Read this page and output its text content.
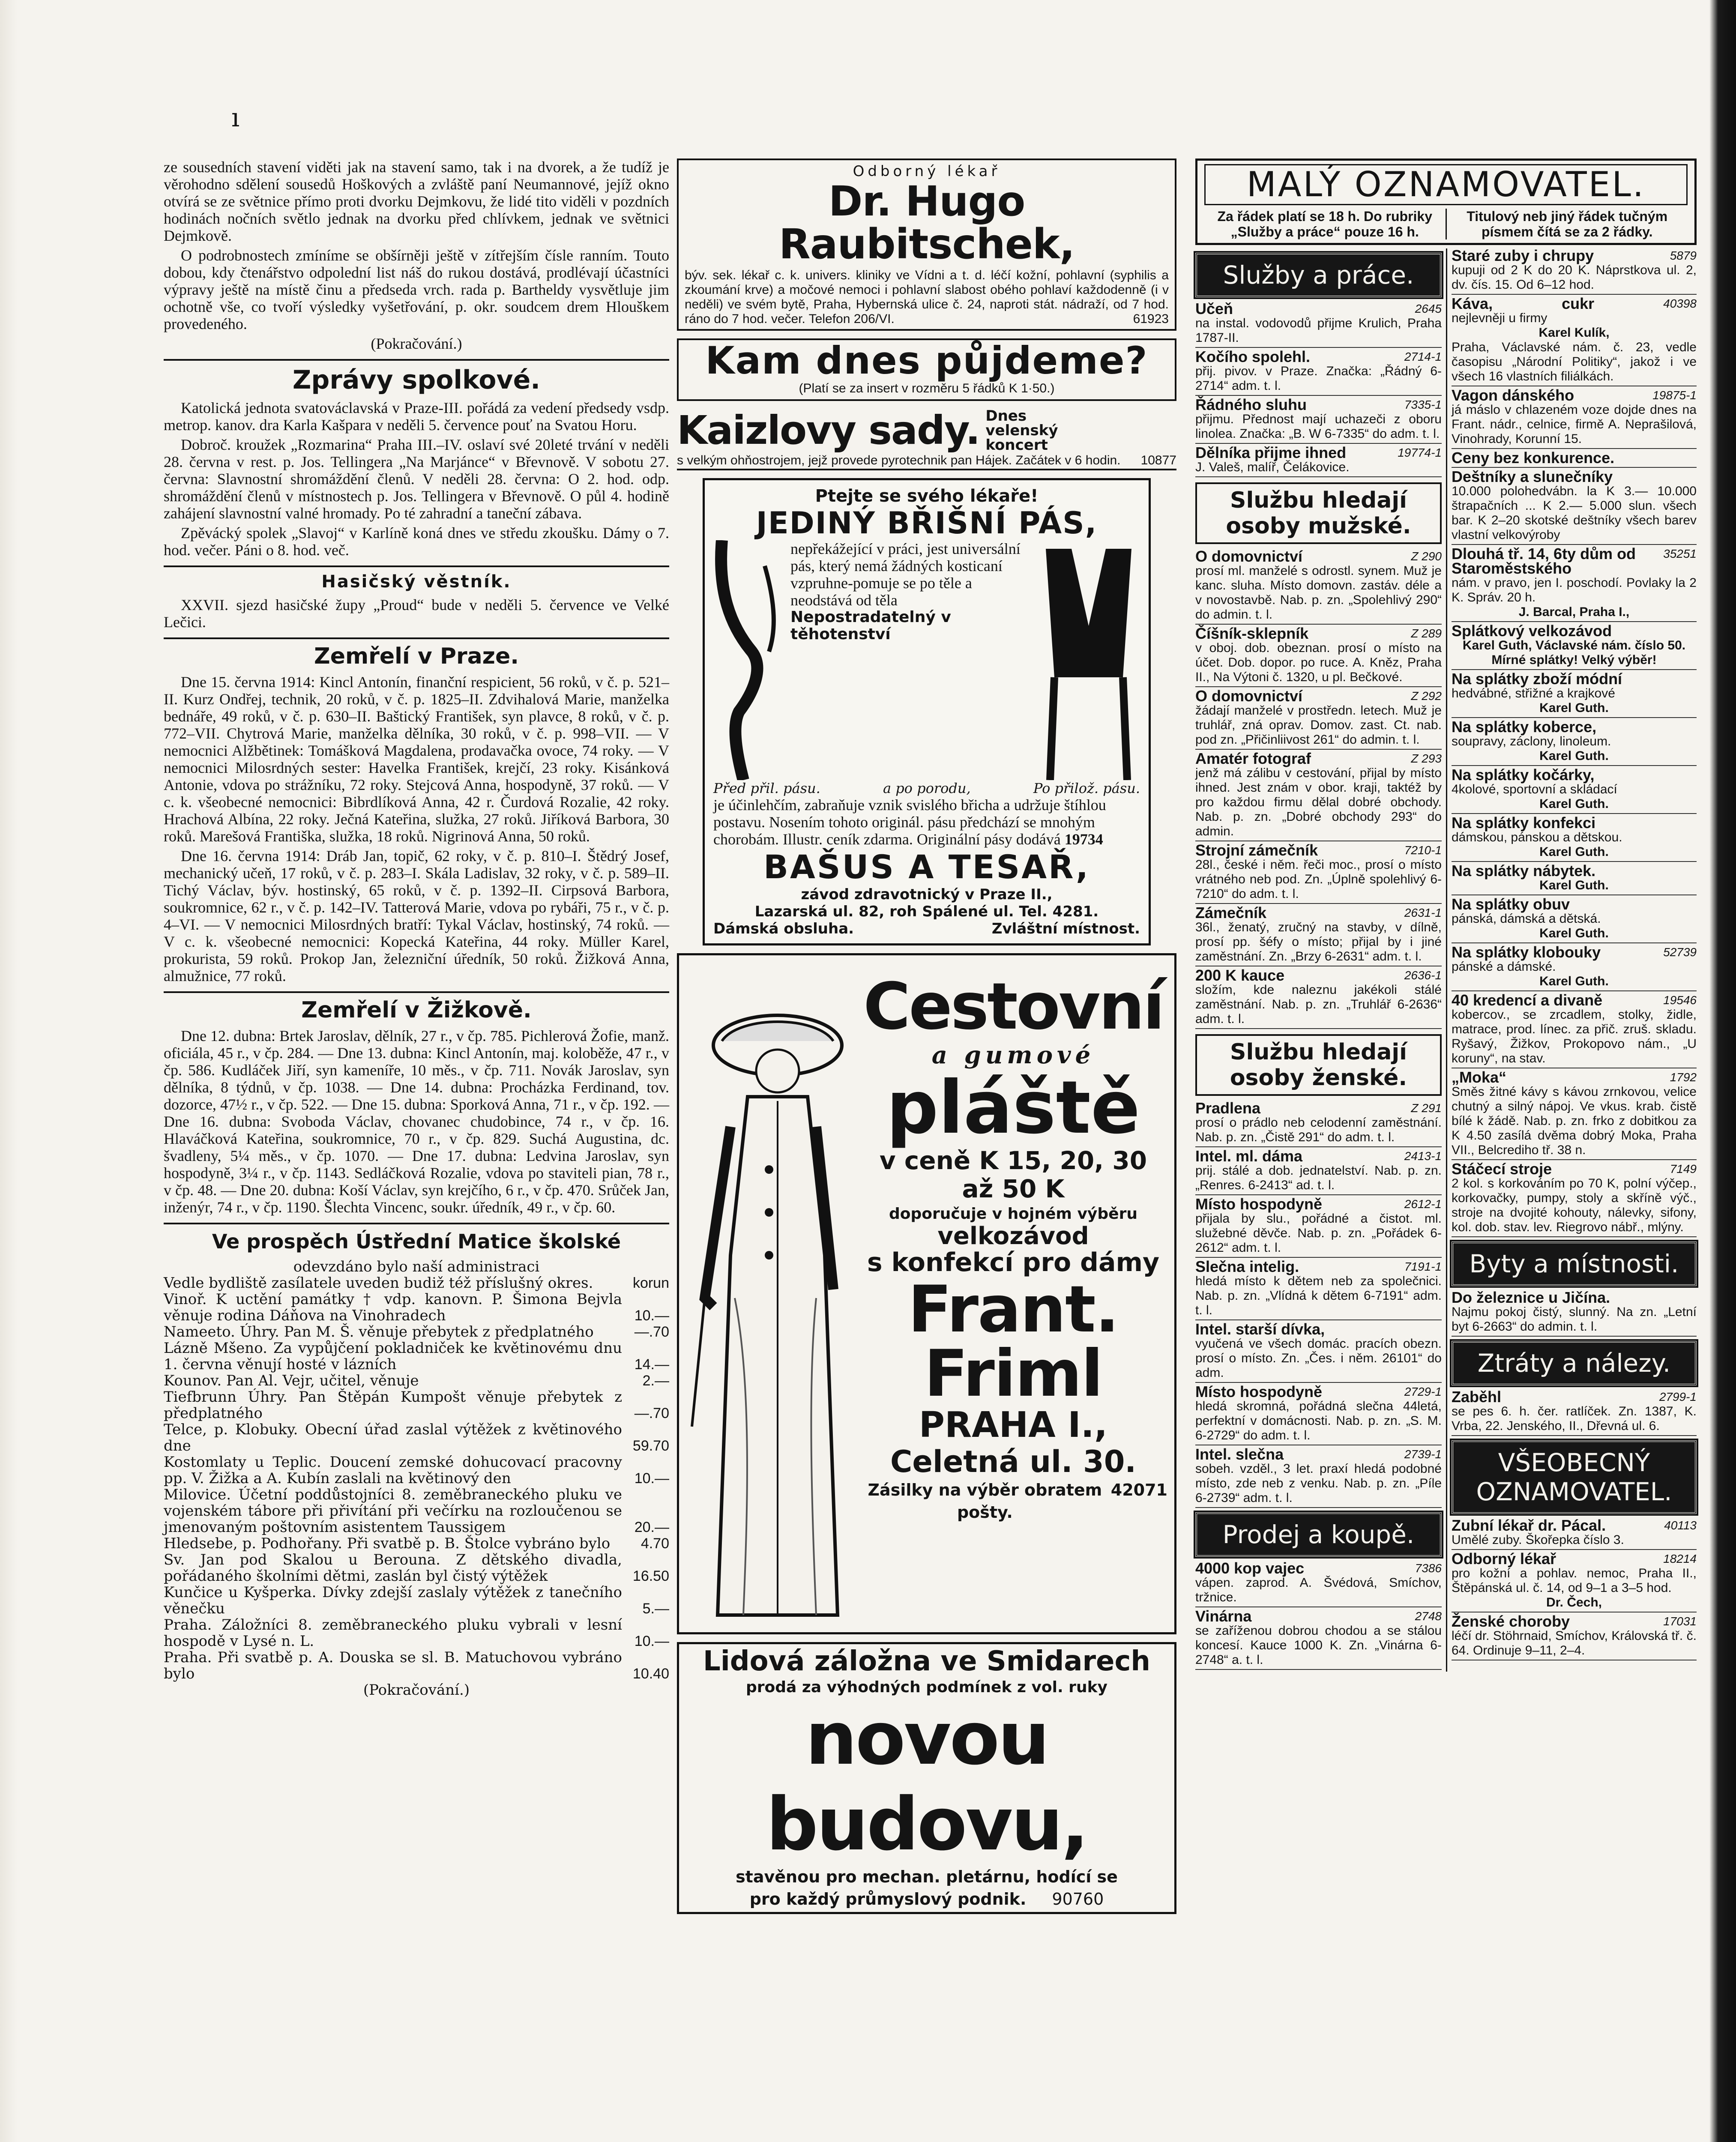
ı

ze sousedních stavení viděti jak na stavení samo, tak i na dvorek, a že tudíž je věrohodno sdělení sousedů Hoškových a zvláště paní Neumannové, jejíž okno otvírá se ze světnice přímo proti dvorku Dejmkovu, že lidé tito viděli v pozdních hodinách nočních světlo jednak na dvorku před chlívkem, jednak ve světnici Dejmkově.

O podrobnostech zmíníme se obšírněji ještě v zítřejším čísle ranním. Touto dobou, kdy čtenářstvo odpolední list náš do rukou dostává, prodlévají účastníci výpravy ještě na místě činu a předseda vrch. rada p. Bartheldy vysvětluje jim ochotně vše, co tvoří výsledky vyšetřování, p. okr. soudcem drem Hlouškem provedeného.

(Pokračování.)

Zprávy spolkové.

Katolická jednota svatováclavská v Praze-III. pořádá za vedení předsedy vsdp. metrop. kanov. dra Karla Kašpara v neděli 5. července pouť na Svatou Horu.

Dobroč. kroužek „Rozmarina“ Praha III.–IV. oslaví své 20leté trvání v neděli 28. června v rest. p. Jos. Tellingera „Na Marjánce“ v Břevnově. V sobotu 27. června: Slavnostní shromáždění členů. V neděli 28. června: O 2. hod. odp. shromáždění členů v místnostech p. Jos. Tellingera v Břevnově. O půl 4. hodině zahájení slavnostní valné hromady. Po té zahradní a taneční zábava.

Zpěvácký spolek „Slavoj“ v Karlíně koná dnes ve středu zkoušku. Dámy o 7. hod. večer. Páni o 8. hod. več.

Hasičský věstník.

XXVII. sjezd hasičské župy „Proud“ bude v neděli 5. července ve Velké Lečici.

Zemřelí v Praze.

Dne 15. června 1914: Kincl Antonín, finanční respicient, 56 roků, v č. p. 521–II. Kurz Ondřej, technik, 20 roků, v č. p. 1825–II. Zdvihalová Marie, manželka bednáře, 49 roků, v č. p. 630–II. Baštický František, syn plavce, 8 roků, v č. p. 772–VII. Chytrová Marie, manželka dělníka, 30 roků, v č. p. 998–VII. — V nemocnici Alžbětinek: Tomášková Magdalena, prodavačka ovoce, 74 roky. — V nemocnici Milosrdných sester: Havelka František, krejčí, 23 roky. Kisánková Antonie, vdova po strážníku, 72 roky. Stejcová Anna, hospodyně, 37 roků. — V c. k. všeobecné nemocnici: Bibrdlíková Anna, 42 r. Čurdová Rozalie, 42 roky. Hrachová Albína, 22 roky. Ječná Kateřina, služka, 27 roků. Jiříková Barbora, 30 roků. Marešová Františka, služka, 18 roků. Nigrinová Anna, 50 roků.

Dne 16. června 1914: Dráb Jan, topič, 62 roky, v č. p. 810–I. Štědrý Josef, mechanický učeň, 17 roků, v č. p. 283–I. Skála Ladislav, 32 roky, v č. p. 589–II. Tichý Václav, býv. hostinský, 65 roků, v č. p. 1392–II. Cirpsová Barbora, soukromnice, 62 r., v č. p. 142–IV. Tatterová Marie, vdova po rybáři, 75 r., v č. p. 4–VI. — V nemocnici Milosrdných bratří: Tykal Václav, hostinský, 74 roků. — V c. k. všeobecné nemocnici: Kopecká Kateřina, 44 roky. Müller Karel, prokurista, 59 roků. Prokop Jan, železniční úředník, 50 roků. Žižková Anna, almužnice, 77 roků.

Zemřelí v Žižkově.

Dne 12. dubna: Brtek Jaroslav, dělník, 27 r., v čp. 785. Pichlerová Žofie, manž. oficiála, 45 r., v čp. 284. — Dne 13. dubna: Kincl Antonín, maj. koloběže, 47 r., v čp. 586. Kudláček Jiří, syn kameníře, 10 měs., v čp. 711. Novák Jaroslav, syn dělníka, 8 týdnů, v čp. 1038. — Dne 14. dubna: Procházka Ferdinand, tov. dozorce, 47½ r., v čp. 522. — Dne 15. dubna: Sporková Anna, 71 r., v čp. 192. — Dne 16. dubna: Svoboda Václav, chovanec chudobince, 74 r., v čp. 16. Hlaváčková Kateřina, soukromnice, 70 r., v čp. 829. Suchá Augustina, dc. švadleny, 5¼ měs., v čp. 1070. — Dne 17. dubna: Ledvina Jaroslav, syn hospodyně, 3¼ r., v čp. 1143. Sedláčková Rozalie, vdova po staviteli pian, 78 r., v čp. 48. — Dne 20. dubna: Koší Václav, syn krejčího, 6 r., v čp. 470. Srůček Jan, inženýr, 74 r., v čp. 1190. Šlechta Vincenc, soukr. úředník, 49 r., v čp. 60.

Ve prospěch Ústřední Matice školské
odevzdáno bylo naší administraci
Vedle bydliště zasílatele uveden budiž též příslušný okres.	korun
Vinoř. K uctění památky † vdp. kanovn. P. Šimona Bejvla věnuje rodina Dáňova na Vinohradech	10.—
Nameeto. Úhry. Pan M. Š. věnuje přebytek z předplatného	—.70
Lázně Mšeno. Za vypůjčení pokladniček ke květinovému dnu 1. června věnují hosté v lázních	14.—
Kounov. Pan Al. Vejr, učitel, věnuje	2.—
Tiefbrunn Úhry. Pan Štěpán Kumpošt věnuje přebytek z předplatného	—.70
Telce, p. Klobuky. Obecní úřad zaslal výtěžek z květinového dne	59.70
Kostomlaty u Teplic. Doucení zemské dohucovací pracovny pp. V. Žižka a A. Kubín zaslali na květinový den	10.—
Milovice. Účetní poddůstojníci 8. zeměbraneckého pluku ve vojenském tábore při přivítání při večírku na rozloučenou se jmenovaným poštovním asistentem Taussigem	20.—
Hledsebe, p. Podhořany. Při svatbě p. B. Štolce vybráno bylo	4.70
Sv. Jan pod Skalou u Berouna. Z dětského divadla, pořádaného školními dětmi, zaslán byl čistý výtěžek	16.50
Kunčice u Kyšperka. Dívky zdejší zaslaly výtěžek z tanečního věnečku	5.—
Praha. Záložníci 8. zeměbraneckého pluku vybrali v lesní hospodě v Lysé n. L.	10.—
Praha. Při svatbě p. A. Douska se sl. B. Matuchovou vybráno bylo	10.40
(Pokračování.)
Odborný lékař
Dr. Hugo Raubitschek,
býv. sek. lékař c. k. univers. kliniky ve Vídni a t. d. léčí kožní, pohlavní (syphilis a zkoumání krve) a močové nemoci i pohlavní slabost obého pohlaví každodenně (i v neděli) ve svém bytě, Praha, Hybernská ulice č. 24, naproti stát. nádraží, od 7 hod. ráno do 7 hod. večer. Telefon 206/VI.	61923
Kam dnes půjdeme?
(Platí se za insert v rozměru 5 řádků K 1·50.)
Kaizlovy sady. Dnes velenský koncert
s velkým ohňostrojem, jejž provede pyrotechnik pan Hájek. Začátek v 6 hodin. 10877
Ptejte se svého lékaře!
JEDINÝ BŘIŠNÍ PÁS,
nepřekážející v práci, jest universální pás, který nemá žádných kosticaní vzpruhne-pomuje se po těle a neodstává od těla
Nepostradatelný v těhotenství
Před přil. pásu.	a po porodu,	Po přilož. pásu.
je účinlehčím, zabraňuje vznik svislého břicha a udržuje štíhlou postavu. Nosením tohoto originál. pásu předchází se mnohým chorobám. Illustr. ceník zdarma. Originální pásy dodává 19734
BAŠUS A TESAŘ,
závod zdravotnický v Praze II.,
Lazarská ul. 82, roh Spálené ul. Tel. 4281.
Dámská obsluha.	Zvláštní místnost.
Cestovní
a gumové
pláště
v ceně K 15, 20, 30
až 50 K
doporučuje v hojném výběru
velkozávod
s konfekcí pro dámy
Frant.
Friml
PRAHA I.,
Celetná ul. 30.
Zásilky na výběr obratem pošty.
42071
Lidová záložna ve Smidarech
prodá za výhodných podmínek z vol. ruky
novou budovu,
stavěnou pro mechan. pletárnu, hodící se
pro každý průmyslový podnik. 90760
MALÝ OZNAMOVATEL.
Za řádek platí se 18 h. Do rubriky „Služby a práce“ pouze 16 h.
Titulový neb jiný řádek tučným písmem čítá se za 2 řádky.
Služby a práce.
Učeň	2645
na instal. vodovodů přijme Krulich, Praha 1787-II.
Kočího spolehl.	2714-1
přij. pivov. v Praze. Značka: „Řádný 6-2714“ adm. t. l.
Řádného sluhu	7335-1
přijmu. Přednost mají uchazeči z oboru linolea. Značka: „B. W 6-7335“ do adm. t. l.
Dělníka přijme ihned	19774-1
J. Valeš, malíř, Čelákovice.
Službu hledají osoby mužské.
O domovnictví	Z 290
prosí ml. manželé s odrostl. synem. Muž je kanc. sluha. Místo domovn. zastáv. déle a v novostavbě. Nab. p. zn. „Spolehlivý 290“ do admin. t. l.
Číšník-sklepník	Z 289
v oboj. dob. obeznan. prosí o místo na účet. Dob. dopor. po ruce. A. Kněz, Praha II., Na Výtoni č. 1320, u pl. Bečkové.
O domovnictví	Z 292
žádají manželé v prostředn. letech. Muž je truhlář, zná oprav. Domov. zast. Ct. nab. pod zn. „Přičinliivost 261“ do admin. t. l.
Amatér fotograf	Z 293
jenž má zálibu v cestování, přijal by místo ihned. Jest znám v obor. kraji, taktéž by pro každou firmu dělal dobré obchody. Nab. p. zn. „Dobré obchody 293“ do admin.
Strojní zámečník	7210-1
28l., české i něm. řeči moc., prosí o místo vrátného neb pod. Zn. „Úplně spolehlivý 6-7210“ do adm. t. l.
Zámečník	2631-1
36l., ženatý, zručný na stavby, v dílně, prosí pp. šéfy o místo; přijal by i jiné zaměstnání. Zn. „Brzy 6-2631“ adm. t. l.
200 K kauce	2636-1
složím, kde naleznu jakékoli stálé zaměstnání. Nab. p. zn. „Truhlář 6-2636“ adm. t. l.
Službu hledají osoby ženské.
Pradlena	Z 291
prosí o prádlo neb celodenní zaměstnání. Nab. p. zn. „Čistě 291“ do adm. t. l.
Intel. ml. dáma	2413-1
prij. stálé a dob. jednatelství. Nab. p. zn. „Renres. 6-2413“ ad. t. l.
Místo hospodyně	2612-1
přijala by slu., pořádné a čistot. ml. služebné děvče. Nab. p. zn. „Pořádek 6-2612“ adm. t. l.
Slečna intelig.	7191-1
hledá místo k dětem neb za společnici. Nab. p. zn. „Vlídná k dětem 6-7191“ adm. t. l.
Intel. starší dívka,
vyučená ve všech domác. pracích obezn. prosí o místo. Zn. „Čes. i něm. 26101“ do adm.
Místo hospodyně	2729-1
hledá skromná, pořádná slečna 44letá, perfektní v domácnosti. Nab. p. zn. „S. M. 6-2729“ do adm. t. l.
Intel. slečna	2739-1
sobeh. vzděl., 3 let. praxí hledá podobné místo, zde neb z venku. Nab. p. zn. „Píle 6-2739“ adm. t. l.
Prodej a koupě.
4000 kop vajec	7386
vápen. zaprod. A. Švédová, Smíchov, tržnice.
Vinárna	2748
se zaříženou dobrou chodou a se stálou koncesí. Kauce 1000 K. Zn. „Vinárna 6-2748“ a. t. l.
Staré zuby i chrupy	5879
kupuji od 2 K do 20 K. Náprstkova ul. 2, dv. čís. 15. Od 6–12 hod.
Káva,	cukr	40398
nejlevněji u firmy
Karel Kulík,
Praha, Václavské nám. č. 23, vedle časopisu „Národní Politiky“, jakož i ve všech 16 vlastních filiálkách.
Vagon dánského	19875-1
já máslo v chlazeném voze dojde dnes na Frant. nádr., celnice, firmě A. Neprašilová, Vinohrady, Korunní 15.
Ceny bez konkurence.
Deštníky a slunečníky
10.000 polohedvábn. la K 3.— 10.000 štrapačních ... K 2.— 5.000 slun. všech bar. K 2–20 skotské deštníky všech barev vlastní velkovýroby
Dlouhá tř. 14, 6ty dům od Staroměstského
35251
nám. v pravo, jen I. poschodí. Povlaky la 2 K. Správ. 20 h.
J. Barcal, Praha I.,
Splátkový velkozávod
Karel Guth, Václavské nám. číslo 50. Mírné splátky! Velký výběr!
Na splátky zboží módní
hedvábné, střižné a krajkové
Karel Guth.
Na splátky koberce,
soupravy, záclony, linoleum.
Karel Guth.
Na splátky kočárky,
4kolové, sportovní a skládací
Karel Guth.
Na splátky konfekci
dámskou, pánskou a dětskou.
Karel Guth.
Na splátky nábytek.
Karel Guth.
Na splátky obuv
pánská, dámská a dětská.
Karel Guth.
Na splátky klobouky	52739
pánské a dámské.
Karel Guth.
40 kredencí a divaně	19546
kobercov., se zrcadlem, stolky, židle, matrace, prod. línec. za přič. zruš. skladu. Ryšavý, Žižkov, Prokopovo nám., „U koruny“, na stav.
„Moka“	1792
Směs žitné kávy s kávou zrnkovou, velice chutný a silný nápoj. Ve vkus. krab. čistě bílé k žádě. Nab. p. zn. frko z dobitkou za K 4.50 zasílá dvěma dobrý Moka, Praha VII., Belcrediho tř. 38 n.
Stáčecí stroje	7149
2 kol. s korkováním po 70 K, polní výčep., korkovačky, pumpy, stoly a skříně výč., stroje na dvojité kohouty, nálevky, sifony, kol. dob. stav. lev. Riegrovo nábř., mlýny.
Byty a místnosti.
Do železnice u Jičína.
Najmu pokoj čistý, slunný. Na zn. „Letní byt 6-2663“ do admin. t. l.
Ztráty a nálezy.
Zaběhl	2799-1
se pes 6. h. čer. ratlíček. Zn. 1387, K. Vrba, 22. Jenského, II., Dřevná ul. 6.
VŠEOBECNÝ OZNAMOVATEL.
Zubní lékař dr. Pácal.	40113
Umělé zuby. Škořepka číslo 3.
Odborný lékař	18214
pro kožní a pohlav. nemoc, Praha II., Štěpánská ul. č. 14, od 9–1 a 3–5 hod.
Dr. Čech,
Ženské choroby	17031
léčí dr. Stöhrnaid, Smíchov, Královská tř. č. 64. Ordinuje 9–11, 2–4.
